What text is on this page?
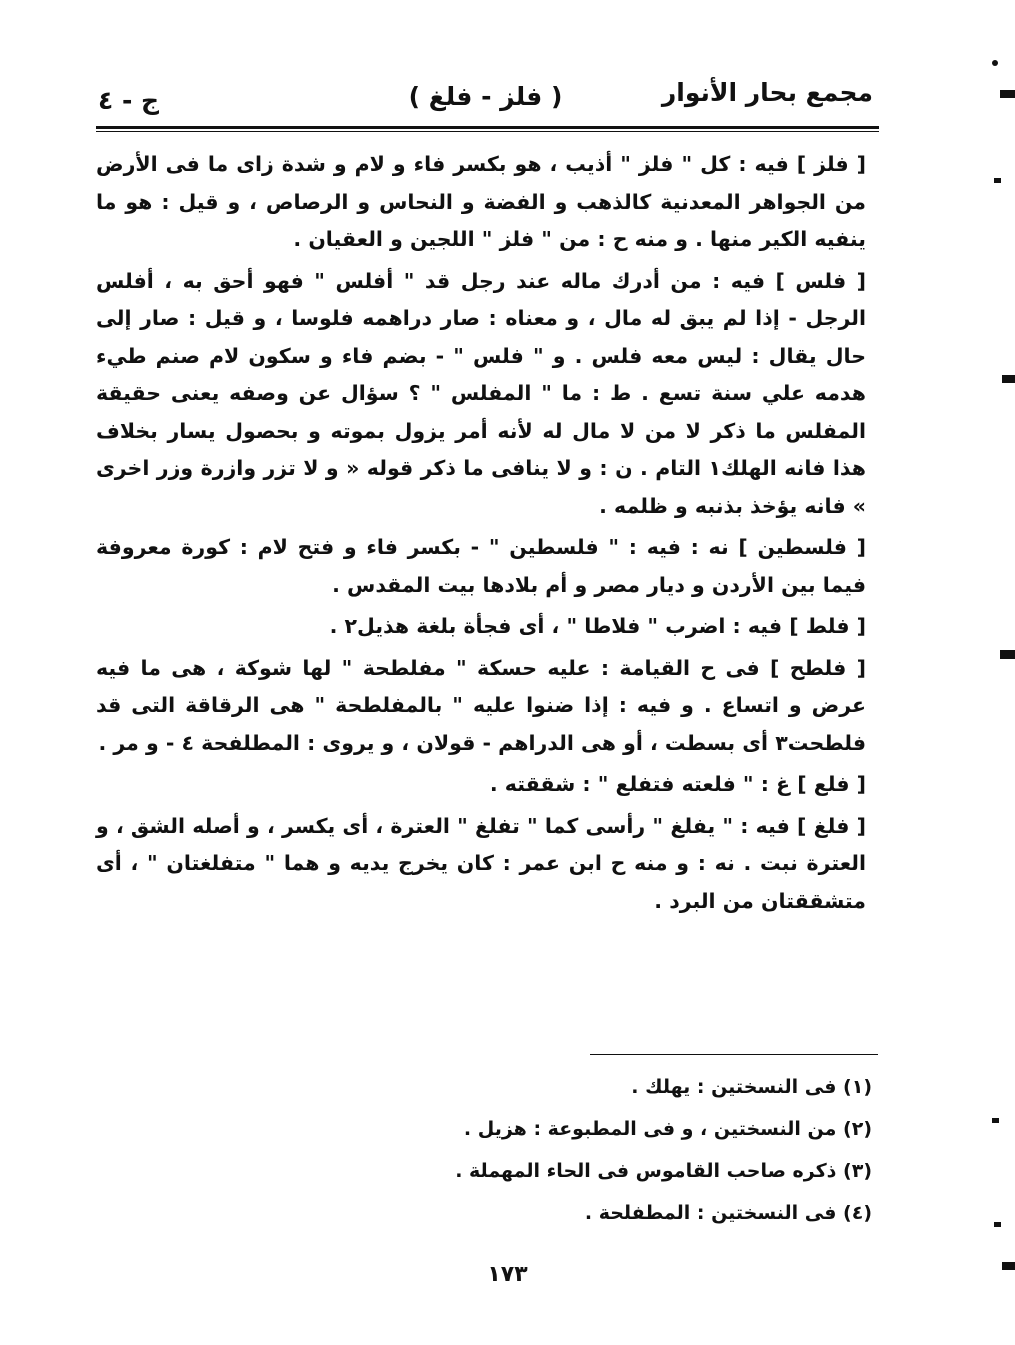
مجمع بحار الأنوار
( فلز - فلغ )
ج - ٤

[ فلز ] فيه : كل " فلز " أذيب ، هو بكسر فاء و لام و شدة زاى ما فى الأرض من الجواهر المعدنية كالذهب و الفضة و النحاس و الرصاص ، و قيل : هو ما ينفيه الكير منها . و منه ح : من " فلز " اللجين و العقيان .

[ فلس ] فيه : من أدرك ماله عند رجل قد " أفلس " فهو أحق به ، أفلس الرجل - إذا لم يبق له مال ، و معناه : صار دراهمه فلوسا ، و قيل : صار إلى حال يقال : ليس معه فلس . و " فلس " - بضم فاء و سكون لام صنم طيء هدمه علي سنة تسع . ط : ما " المفلس " ؟ سؤال عن وصفه يعنى حقيقة المفلس ما ذكر لا من لا مال له لأنه أمر يزول بموته و بحصول يسار بخلاف هذا فانه الهلك١ التام . ن : و لا ينافى ما ذكر قوله « و لا تزر وازرة وزر اخرى » فانه يؤخذ بذنبه و ظلمه .

[ فلسطين ] نه : فيه : " فلسطين " - بكسر فاء و فتح لام : كورة معروفة فيما بين الأردن و ديار مصر و أم بلادها بيت المقدس .

[ فلط ] فيه : اضرب " فلاطا " ، أى فجأة بلغة هذيل٢ .

[ فلطح ] فى ح القيامة : عليه حسكة " مفلطحة " لها شوكة ، هى ما فيه عرض و اتساع . و فيه : إذا ضنوا عليه " بالمفلطحة " هى الرقاقة التى قد فلطحت٣ أى بسطت ، أو هى الدراهم - قولان ، و يروى : المطلفحة ٤ - و مر .

[ فلع ] غ : " فلعته فتفلع " : شققته .

[ فلغ ] فيه : " يفلغ " رأسى كما " تفلغ " العترة ، أى يكسر ، و أصله الشق ، و العترة نبت . نه : و منه ح ابن عمر : كان يخرج يديه و هما " متفلغتان " ، أى متشققتان من البرد .

(١) فى النسختين : يهلك .
(٢) من النسختين ، و فى المطبوعة : هزيل .
(٣) ذكره صاحب القاموس فى الحاء المهملة .
(٤) فى النسختين : المطفلحة .
١٧٣
